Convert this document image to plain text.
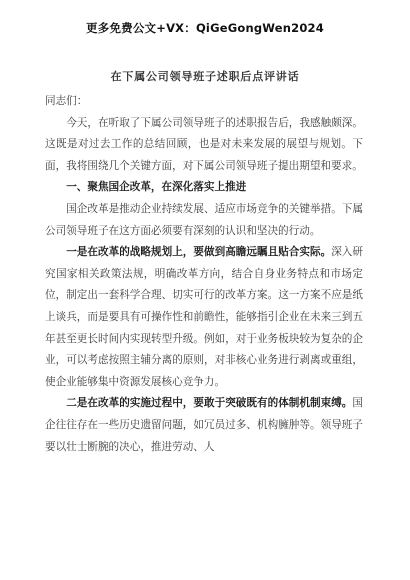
更多免费公文+VX：QiGeGongWen2024
在下属公司领导班子述职后点评讲话

同志们：

今天，在听取了下属公司领导班子的述职报告后，我感触颇深。这既是对过去工作的总结回顾，也是对未来发展的展望与规划。下面，我将围绕几个关键方面，对下属公司领导班子提出期望和要求。

一、聚焦国企改革，在深化落实上推进

国企改革是推动企业持续发展、适应市场竞争的关键举措。下属公司领导班子在这方面必须要有深刻的认识和坚决的行动。

一是在改革的战略规划上，要做到高瞻远瞩且贴合实际。深入研究国家相关政策法规，明确改革方向，结合自身业务特点和市场定位，制定出一套科学合理、切实可行的改革方案。这一方案不应是纸上谈兵，而是要具有可操作性和前瞻性，能够指引企业在未来三到五年甚至更长时间内实现转型升级。例如，对于业务板块较为复杂的企业，可以考虑按照主辅分离的原则，对非核心业务进行剥离或重组，使企业能够集中资源发展核心竞争力。

二是在改革的实施过程中，要敢于突破既有的体制机制束缚。国企往往存在一些历史遗留问题，如冗员过多、机构臃肿等。领导班子要以壮士断腕的决心，推进劳动、人
